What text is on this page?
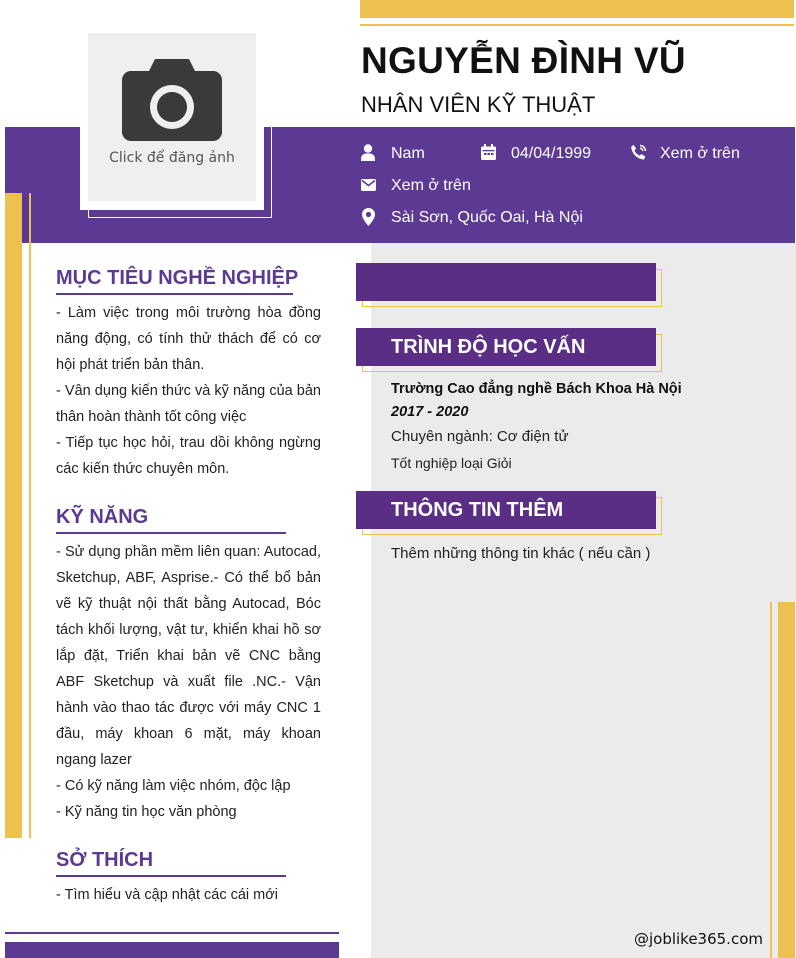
Click để đăng ảnh
NGUYỄN ĐÌNH VŨ
NHÂN VIÊN KỸ THUẬT
Nam	04/04/1999	Xem ở trên
Xem ở trên
Sài Sơn, Quốc Oai, Hà Nội
MỤC TIÊU NGHỀ NGHIỆP

- Làm việc trong môi trường hòa đồng năng động, có tính thử thách để có cơ hội phát triển bản thân.

- Vân dụng kiến thức và kỹ năng của bản thân hoàn thành tốt công việc

- Tiếp tục học hỏi, trau dồi không ngừng các kiến thức chuyên môn.

KỸ NĂNG

- Sử dụng phần mềm liên quan: Autocad, Sketchup, ABF, Asprise.- Có thể bổ bản vẽ kỹ thuật nội thất bằng Autocad, Bóc tách khối lượng, vật tư, khiển khai hồ sơ lắp đặt, Triển khai bản vẽ CNC bằng ABF Sketchup và xuất file .NC.- Vận hành vào thao tác được với máy CNC 1 đầu, máy khoan 6 mặt, máy khoan ngang lazer

- Có kỹ năng làm việc nhóm, độc lập

- Kỹ năng tin học văn phòng

SỞ THÍCH

- Tìm hiểu và cập nhật các cái mới

TRÌNH ĐỘ HỌC VẤN
Trường Cao đẳng nghề Bách Khoa Hà Nội
2017 - 2020
Chuyên ngành: Cơ điện tử
Tốt nghiệp loại Giỏi
THÔNG TIN THÊM
Thêm những thông tin khác ( nếu cần )
@joblike365.com
